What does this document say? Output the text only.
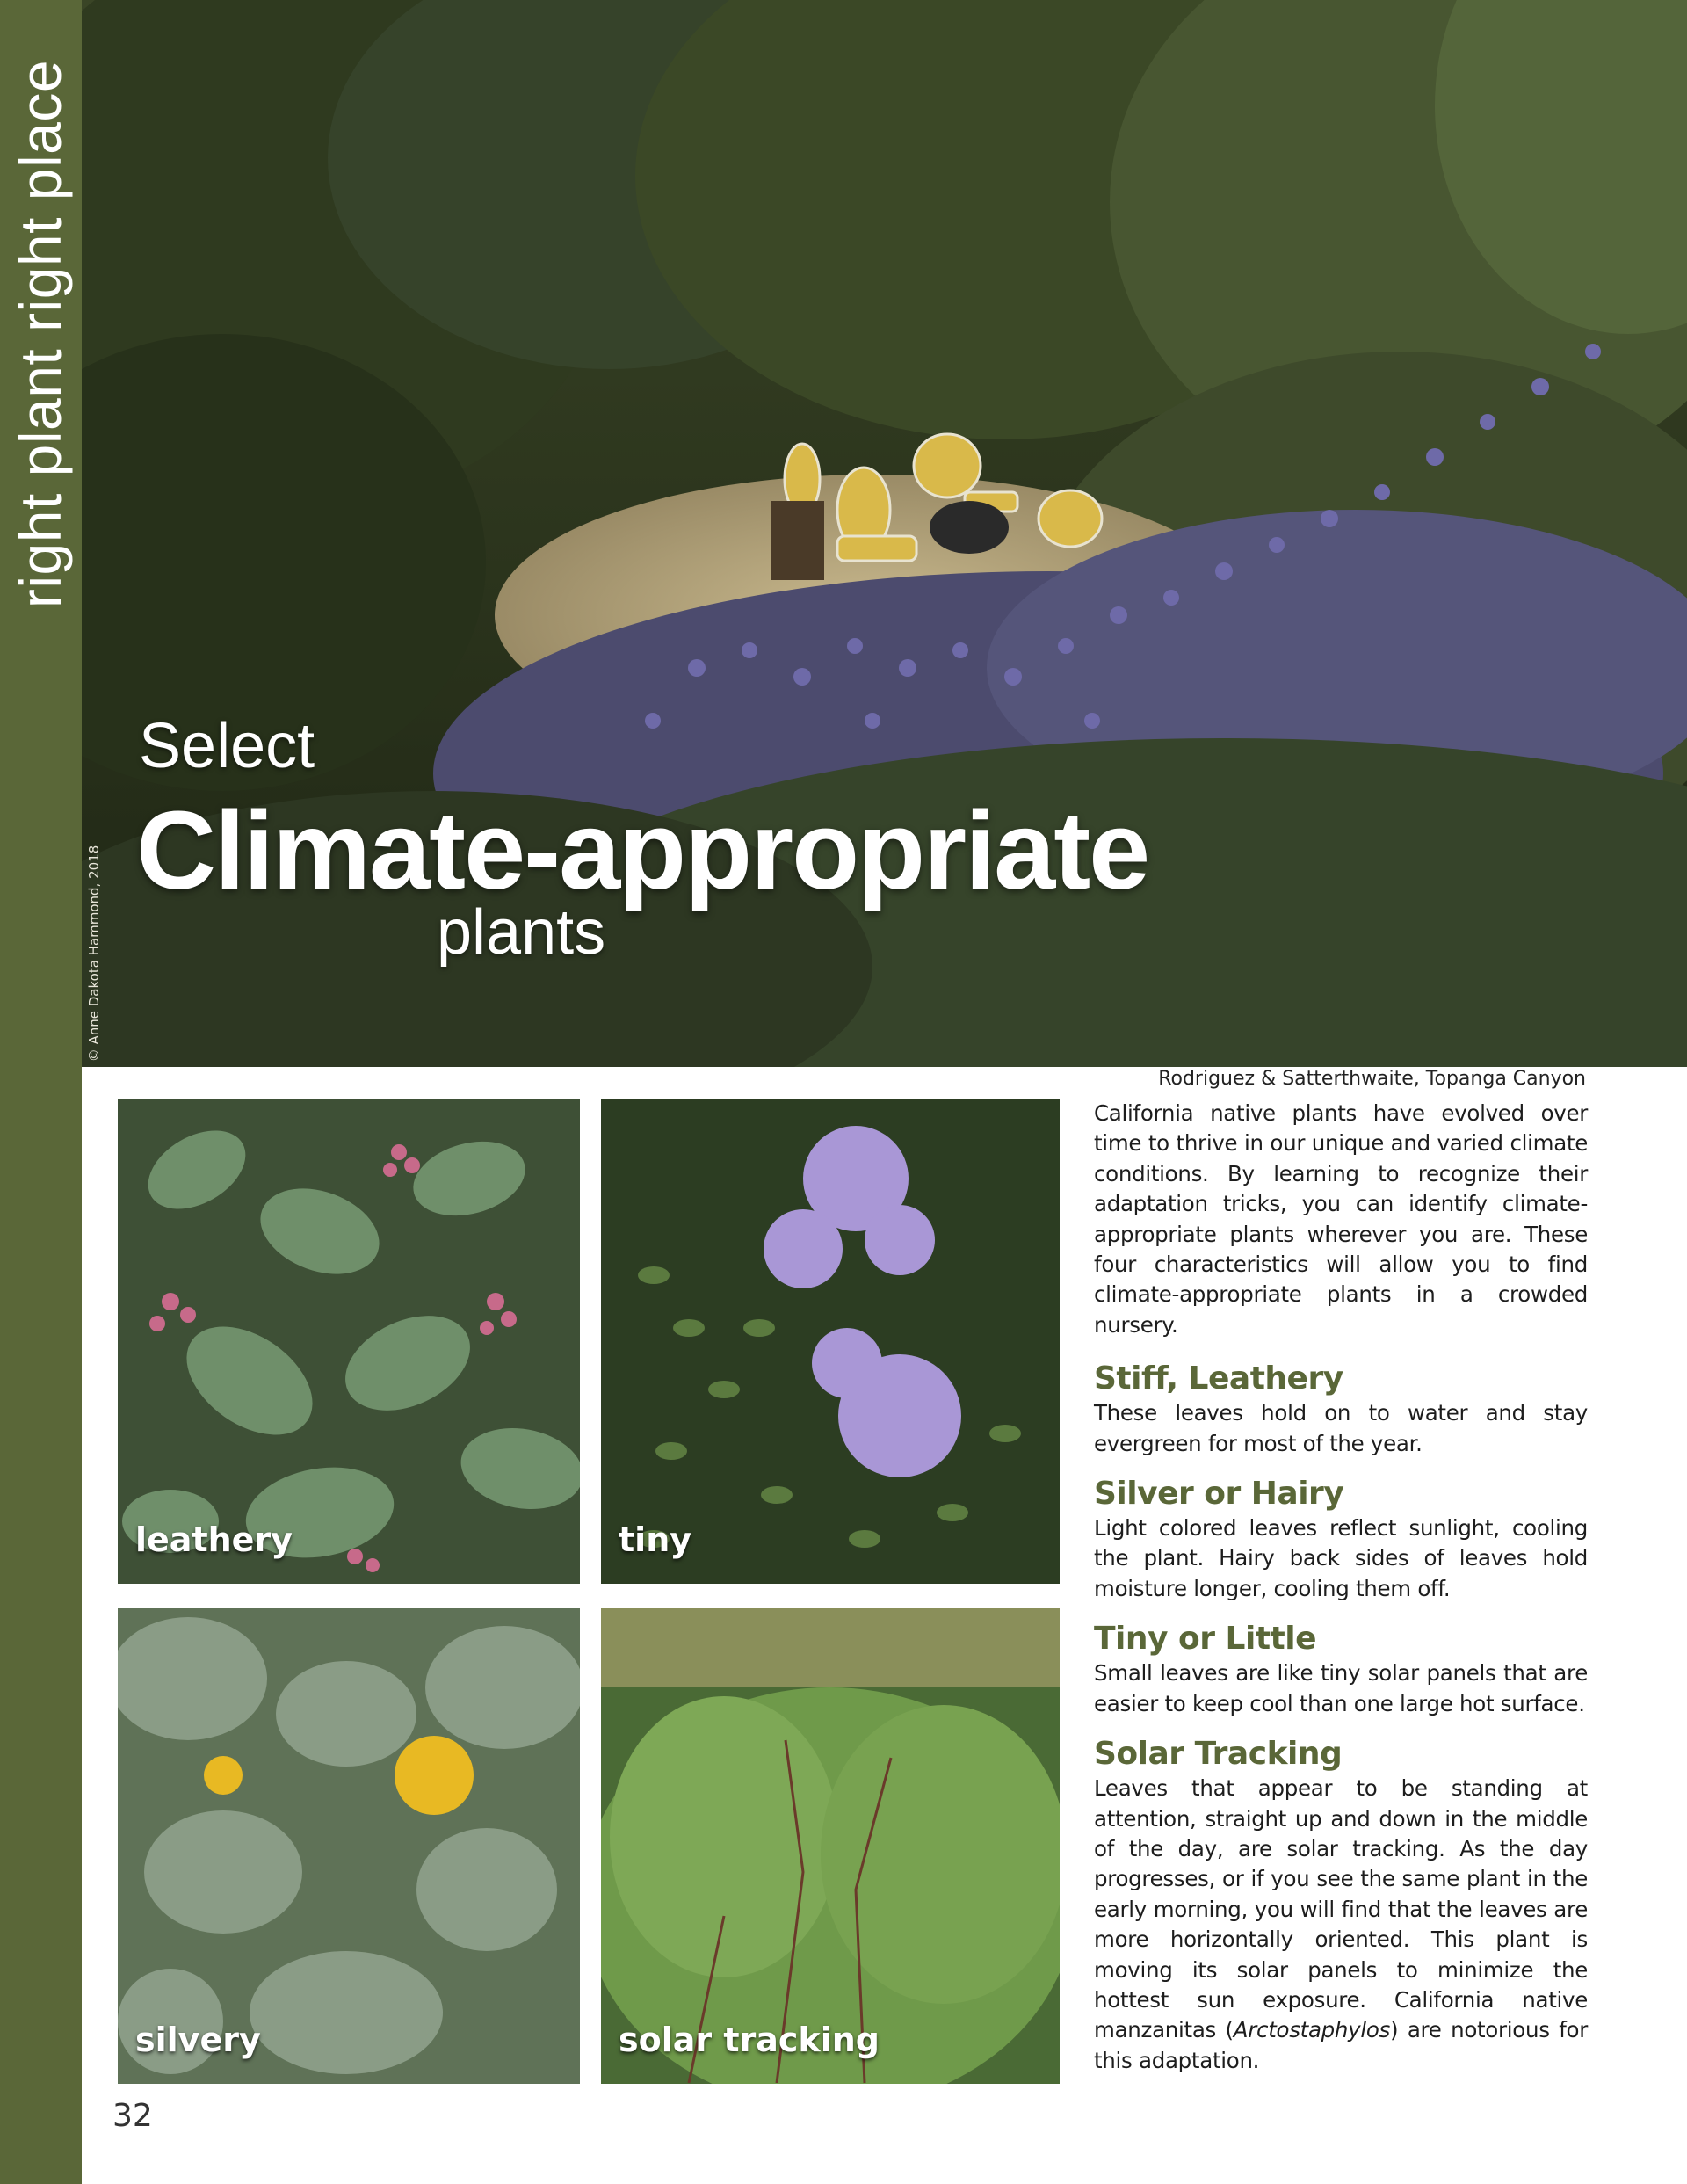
right plant right place
© Anne Dakota Hammond, 2018
Select
Climate-appropriate
plants
Rodriguez & Satterthwaite, Topanga Canyon
leathery	tiny
silvery	solar tracking

California native plants have evolved over time to thrive in our unique and varied climate conditions. By learning to recognize their adaptation tricks, you can identify climate-appropriate plants wherever you are. These four characteristics will allow you to find climate-appropriate plants in a crowded nursery.

Stiff, Leathery

These leaves hold on to water and stay evergreen for most of the year.

Silver or Hairy

Light colored leaves reflect sunlight, cooling the plant. Hairy back sides of leaves hold moisture longer, cooling them off.

Tiny or Little

Small leaves are like tiny solar panels that are easier to keep cool than one large hot surface.

Solar Tracking

Leaves that appear to be standing at attention, straight up and down in the middle of the day, are solar tracking. As the day progresses, or if you see the same plant in the early morning, you will find that the leaves are more horizontally oriented. This plant is moving its solar panels to minimize the hottest sun exposure. California native manzanitas (Arctostaphylos) are notorious for this adaptation.

32
